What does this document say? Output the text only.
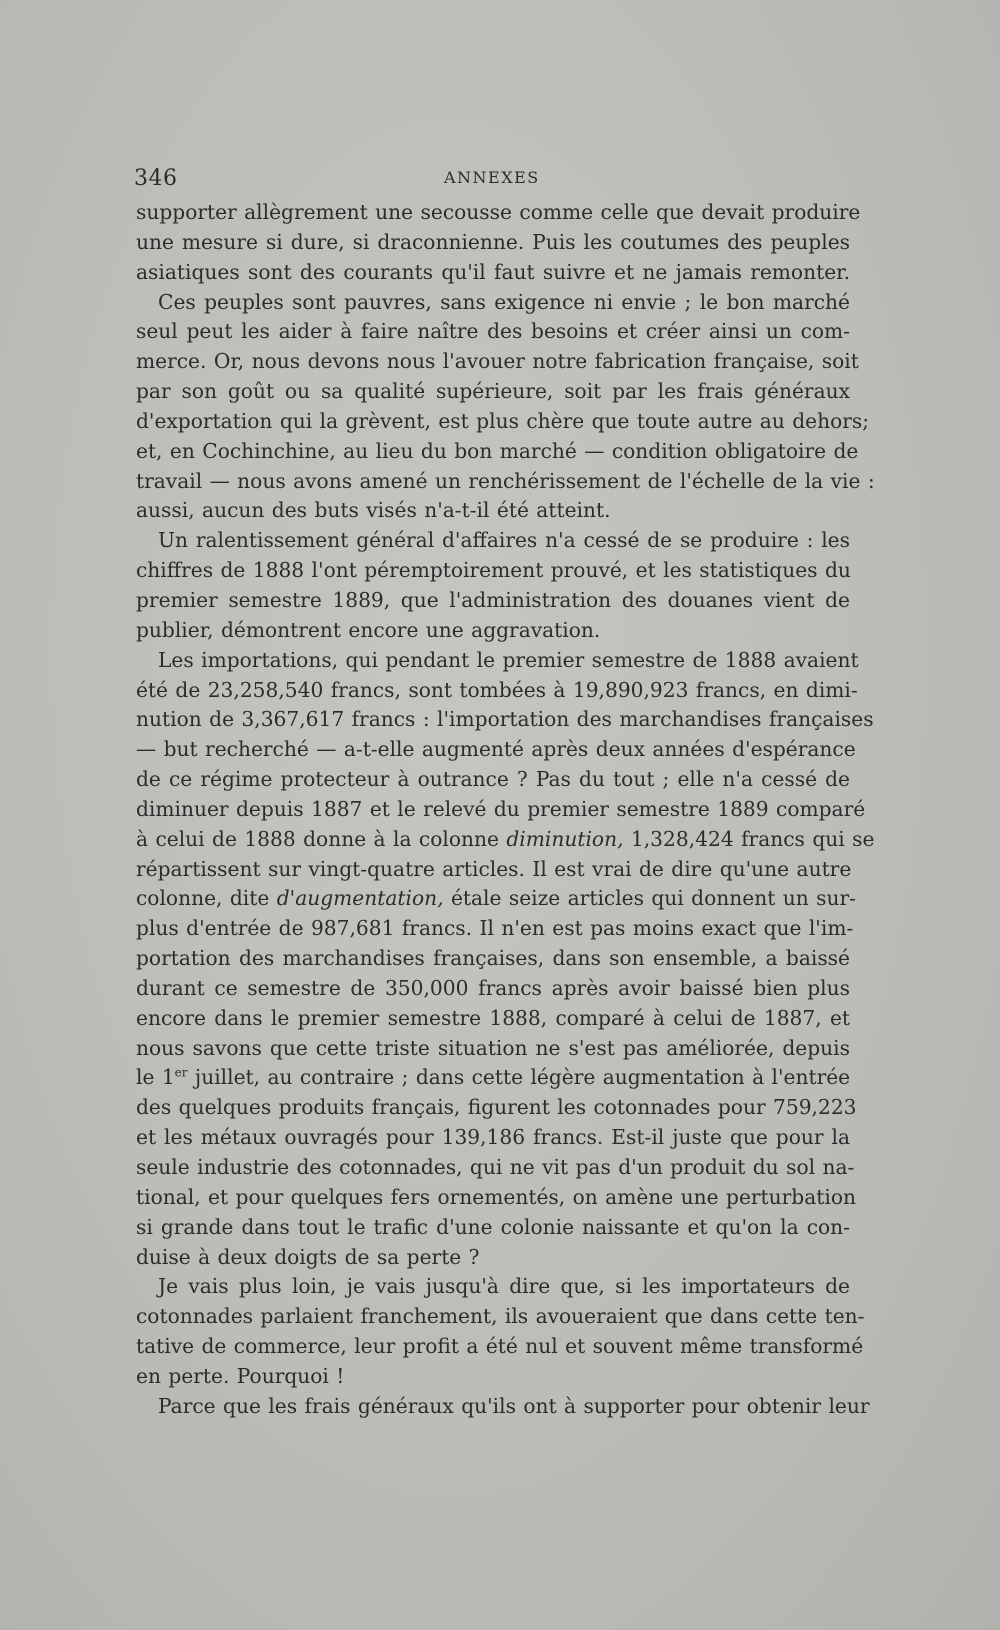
346	ANNEXES
supporter allègrement une secousse comme celle que devait produire
une mesure si dure, si draconnienne. Puis les coutumes des peuples
asiatiques sont des courants qu'il faut suivre et ne jamais remonter.
Ces peuples sont pauvres, sans exigence ni envie ; le bon marché
seul peut les aider à faire naître des besoins et créer ainsi un com-
merce. Or, nous devons nous l'avouer notre fabrication française, soit
par son goût ou sa qualité supérieure, soit par les frais généraux
d'exportation qui la grèvent, est plus chère que toute autre au dehors;
et, en Cochinchine, au lieu du bon marché — condition obligatoire de
travail — nous avons amené un renchérissement de l'échelle de la vie :
aussi, aucun des buts visés n'a-t-il été atteint.
Un ralentissement général d'affaires n'a cessé de se produire : les
chiffres de 1888 l'ont péremptoirement prouvé, et les statistiques du
premier semestre 1889, que l'administration des douanes vient de
publier, démontrent encore une aggravation.
Les importations, qui pendant le premier semestre de 1888 avaient
été de 23,258,540 francs, sont tombées à 19,890,923 francs, en dimi-
nution de 3,367,617 francs : l'importation des marchandises françaises
— but recherché — a-t-elle augmenté après deux années d'espérance
de ce régime protecteur à outrance ? Pas du tout ; elle n'a cessé de
diminuer depuis 1887 et le relevé du premier semestre 1889 comparé
à celui de 1888 donne à la colonne diminution, 1,328,424 francs qui se
répartissent sur vingt-quatre articles. Il est vrai de dire qu'une autre
colonne, dite d'augmentation, étale seize articles qui donnent un sur-
plus d'entrée de 987,681 francs. Il n'en est pas moins exact que l'im-
portation des marchandises françaises, dans son ensemble, a baissé
durant ce semestre de 350,000 francs après avoir baissé bien plus
encore dans le premier semestre 1888, comparé à celui de 1887, et
nous savons que cette triste situation ne s'est pas améliorée, depuis
le 1er juillet, au contraire ; dans cette légère augmentation à l'entrée
des quelques produits français, figurent les cotonnades pour 759,223
et les métaux ouvragés pour 139,186 francs. Est-il juste que pour la
seule industrie des cotonnades, qui ne vit pas d'un produit du sol na-
tional, et pour quelques fers ornementés, on amène une perturbation
si grande dans tout le trafic d'une colonie naissante et qu'on la con-
duise à deux doigts de sa perte ?
Je vais plus loin, je vais jusqu'à dire que, si les importateurs de
cotonnades parlaient franchement, ils avoueraient que dans cette ten-
tative de commerce, leur profit a été nul et souvent même transformé
en perte. Pourquoi !
Parce que les frais généraux qu'ils ont à supporter pour obtenir leur
